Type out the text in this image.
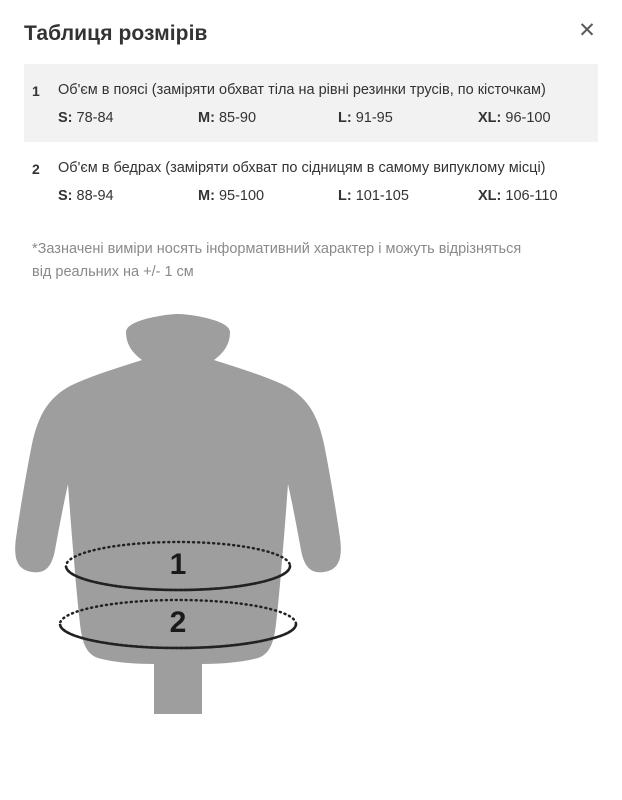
Таблиця розмірів	✕
1	Об'єм в поясі (заміряти обхват тіла на рівні резинки трусів, по кісточкам)
S: 78-84	M: 85-90	L: 91-95	XL: 96-100
2	Об'єм в бедрах (заміряти обхват по сідницям в самому випуклому місці)
S: 88-94	M: 95-100	L: 101-105	XL: 106-110
*Зазначені виміри носять інформативний характер і можуть відрізняться від реальних на +/- 1 см
1
2
